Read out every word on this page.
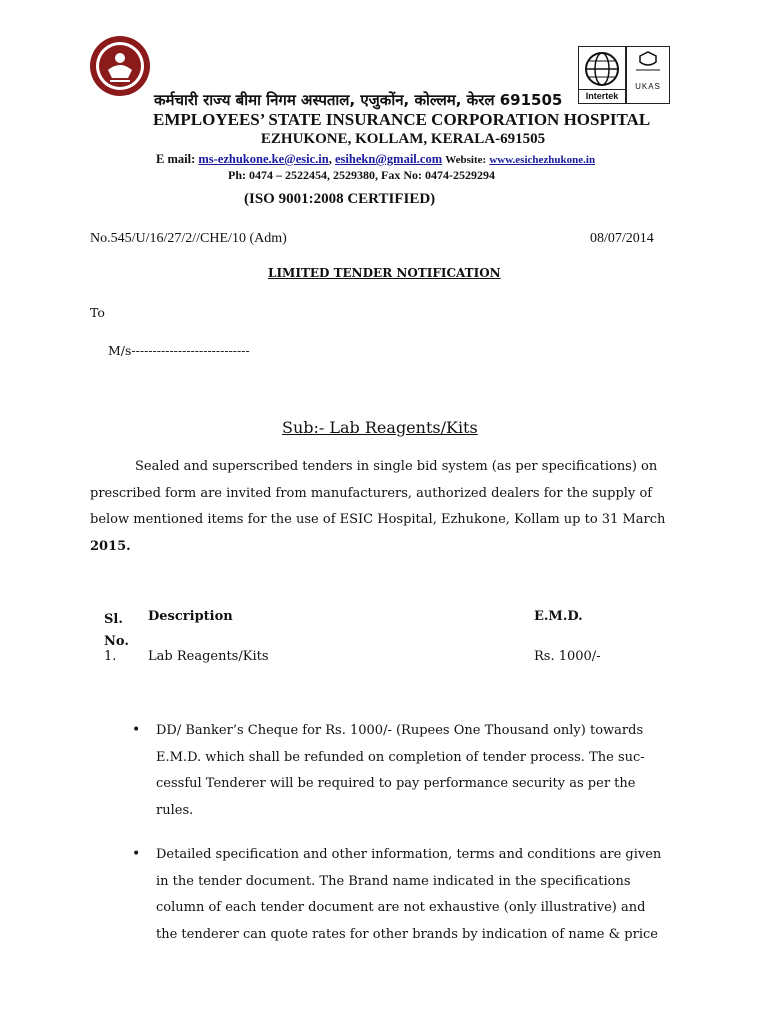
Intertek
UKAS
कर्मचारी राज्य बीमा निगम अस्पताल, एजुकोंन, कोल्लम, केरल 691505
EMPLOYEES’ STATE INSURANCE CORPORATION HOSPITAL
EZHUKONE, KOLLAM, KERALA-691505
E mail: ms-ezhukone.ke@esic.in, esihekn@gmail.com Website: www.esichezhukone.in
Ph: 0474 – 2522454, 2529380, Fax No: 0474-2529294
(ISO 9001:2008 CERTIFIED)
No.545/U/16/27/2//CHE/10 (Adm)	08/07/2014
LIMITED TENDER NOTIFICATION
To
M/s----------------------------
Sub:- Lab Reagents/Kits
Sealed and superscribed tenders in single bid system (as per specifications) on
prescribed form are invited from manufacturers, authorized dealers for the supply of
below mentioned items for the use of ESIC Hospital, Ezhukone, Kollam up to 31 March
2015.
Sl.
No.
Description	E.M.D.
1. Lab Reagents/Kits	Rs. 1000/-
• DD/ Banker’s Cheque for Rs. 1000/- (Rupees One Thousand only) towards
E.M.D. which shall be refunded on completion of tender process. The suc-
cessful Tenderer will be required to pay performance security as per the
rules.
• Detailed specification and other information, terms and conditions are given
in the tender document. The Brand name indicated in the specifications
column of each tender document are not exhaustive (only illustrative) and
the tenderer can quote rates for other brands by indication of name & price
